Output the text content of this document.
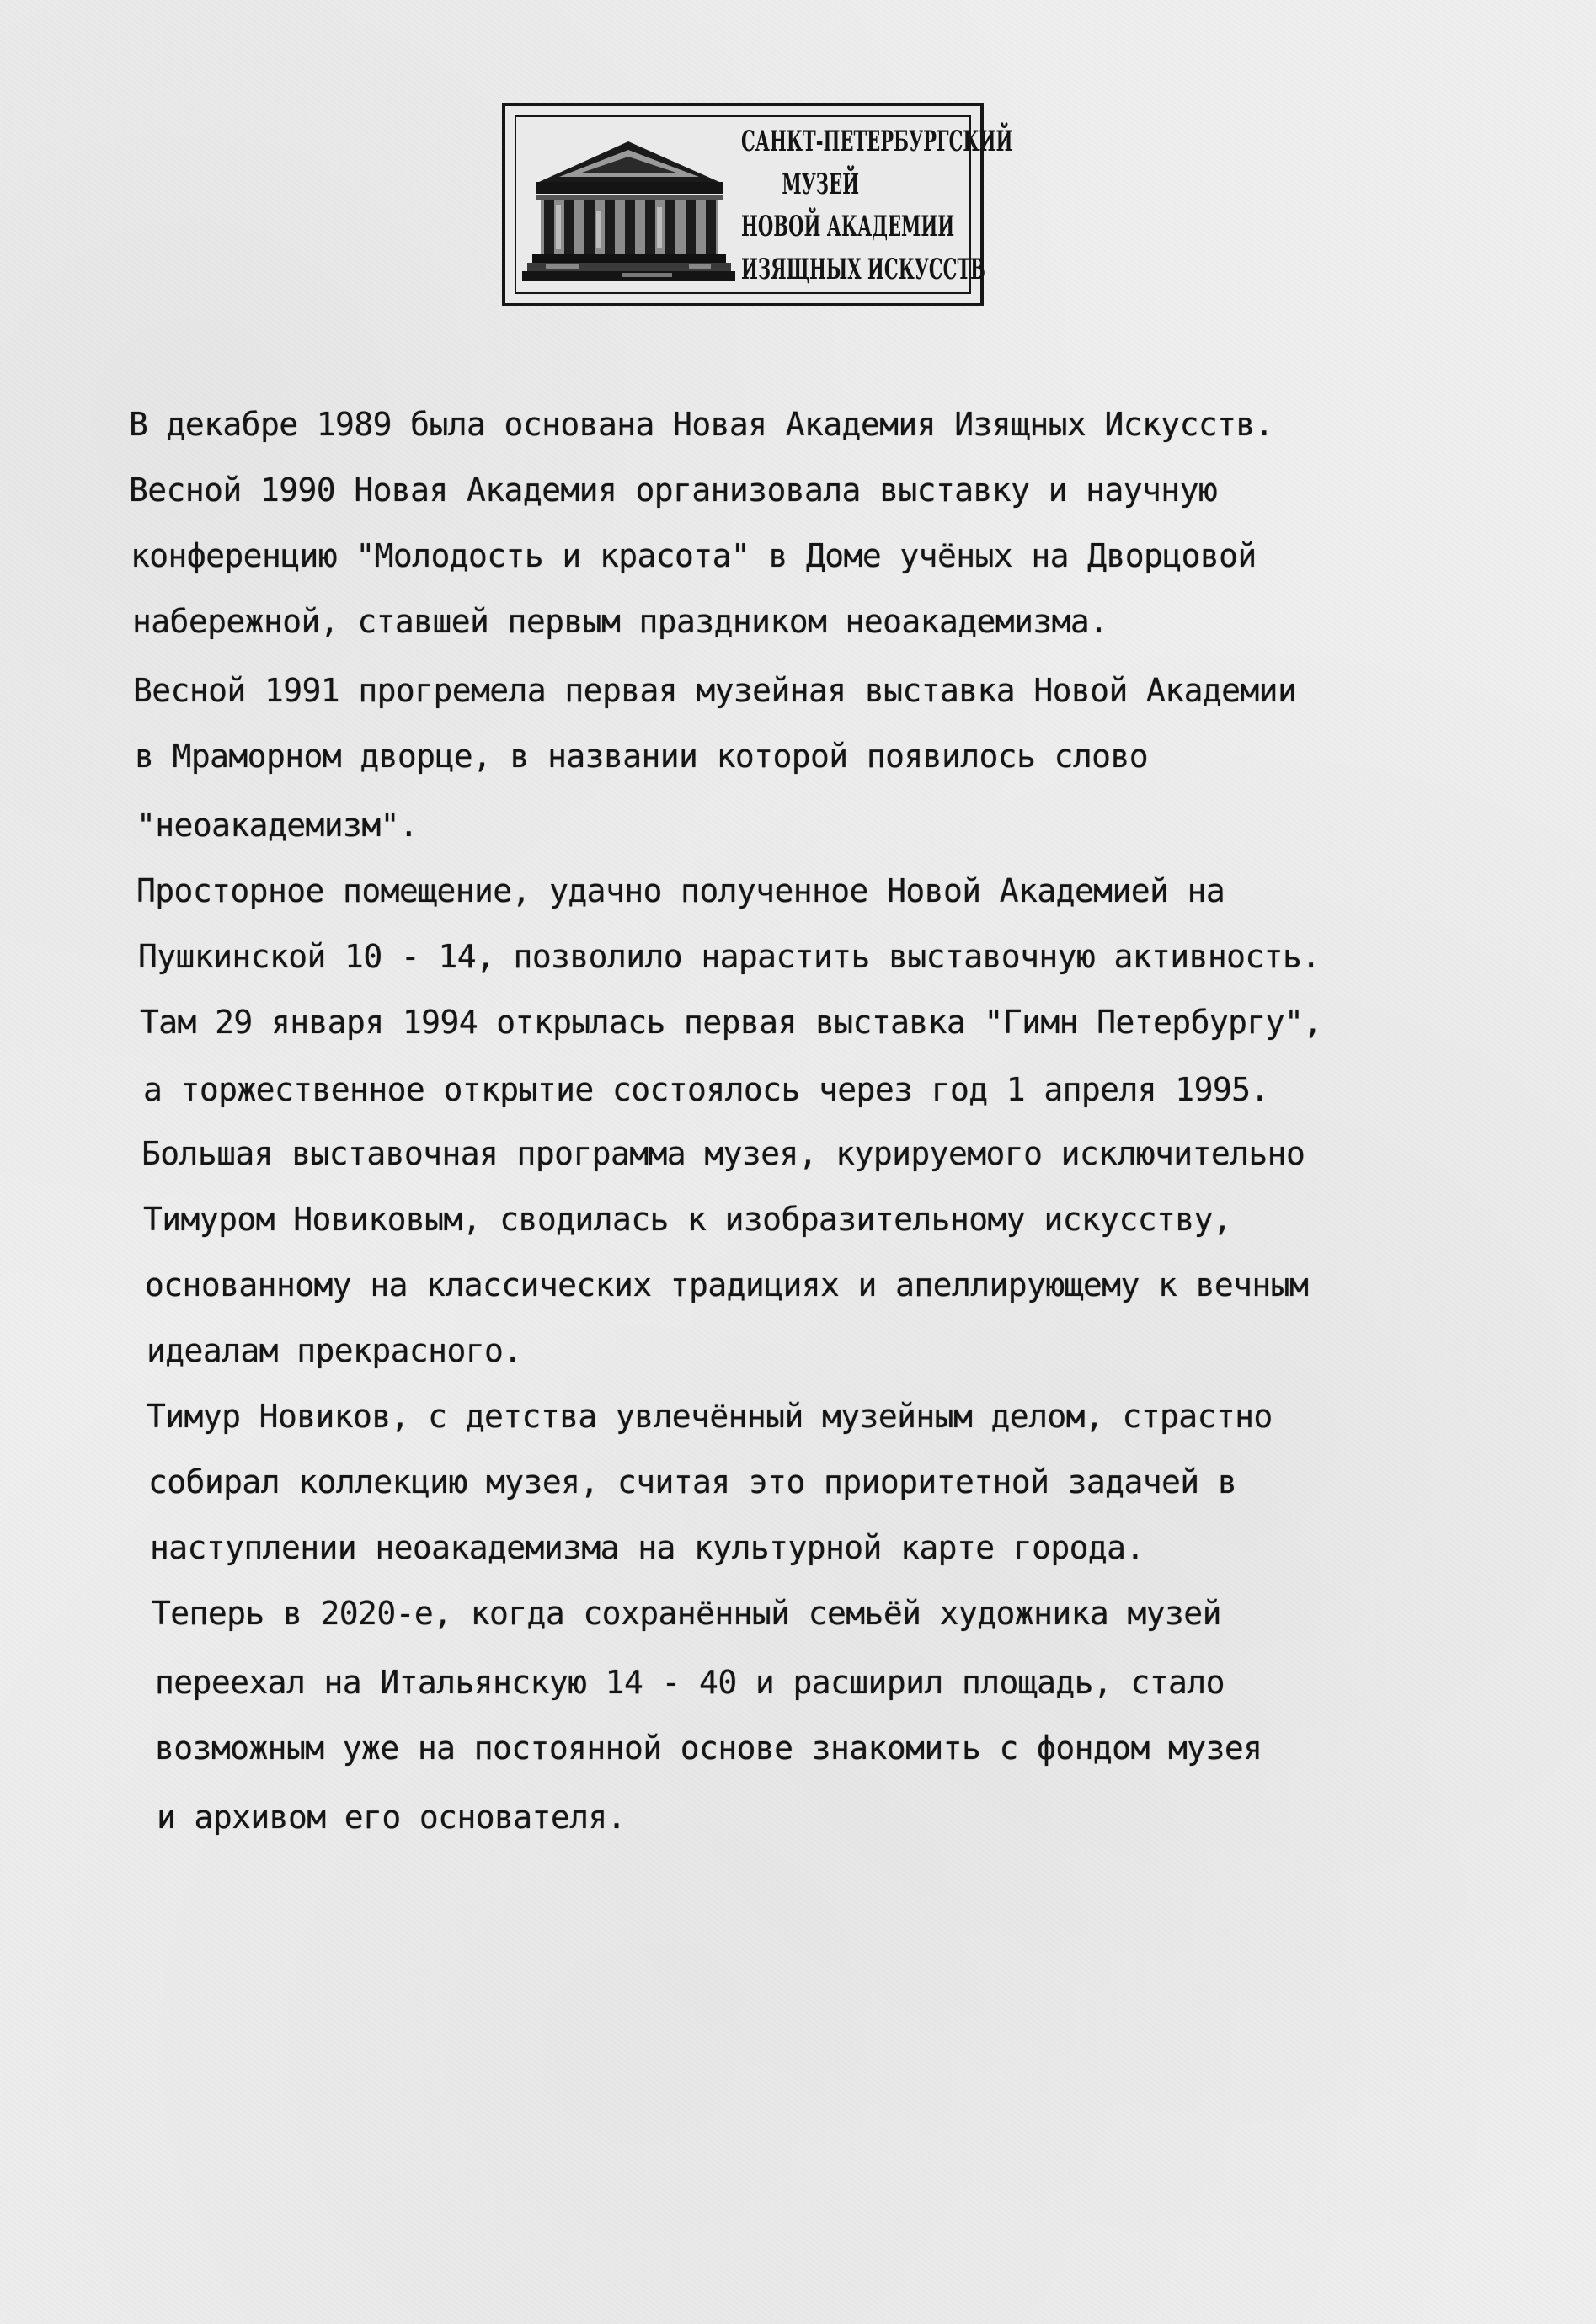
САНКТ-ПЕТЕРБУРГСКИЙ
МУЗЕЙ
НОВОЙ АКАДЕМИИ
ИЗЯЩНЫХ ИСКУССТВ

В декабре 1989 была основана Новая Академия Изящных Искусств.

Весной 1990 Новая Академия организовала выставку и научную

конференцию "Молодость и красота" в Доме учёных на Дворцовой

набережной, ставшей первым праздником неоакадемизма.

Весной 1991 прогремела первая музейная выставка Новой Академии

в Мраморном дворце, в названии которой появилось слово

"неоакадемизм".

Просторное помещение, удачно полученное Новой Академией на

Пушкинской 10 - 14, позволило нарастить выставочную активность.

Там 29 января 1994 открылась первая выставка "Гимн Петербургу",

а торжественное открытие состоялось через год 1 апреля 1995.

Большая выставочная программа музея, курируемого исключительно

Тимуром Новиковым, сводилась к изобразительному искусству,

основанному на классических традициях и апеллирующему к вечным

идеалам прекрасного.

Тимур Новиков, с детства увлечённый музейным делом, страстно

собирал коллекцию музея, считая это приоритетной задачей в

наступлении неоакадемизма на культурной карте города.

Теперь в 2020-е, когда сохранённый семьёй художника музей

переехал на Итальянскую 14 - 40 и расширил площадь, стало

возможным уже на постоянной основе знакомить с фондом музея

и архивом его основателя.
